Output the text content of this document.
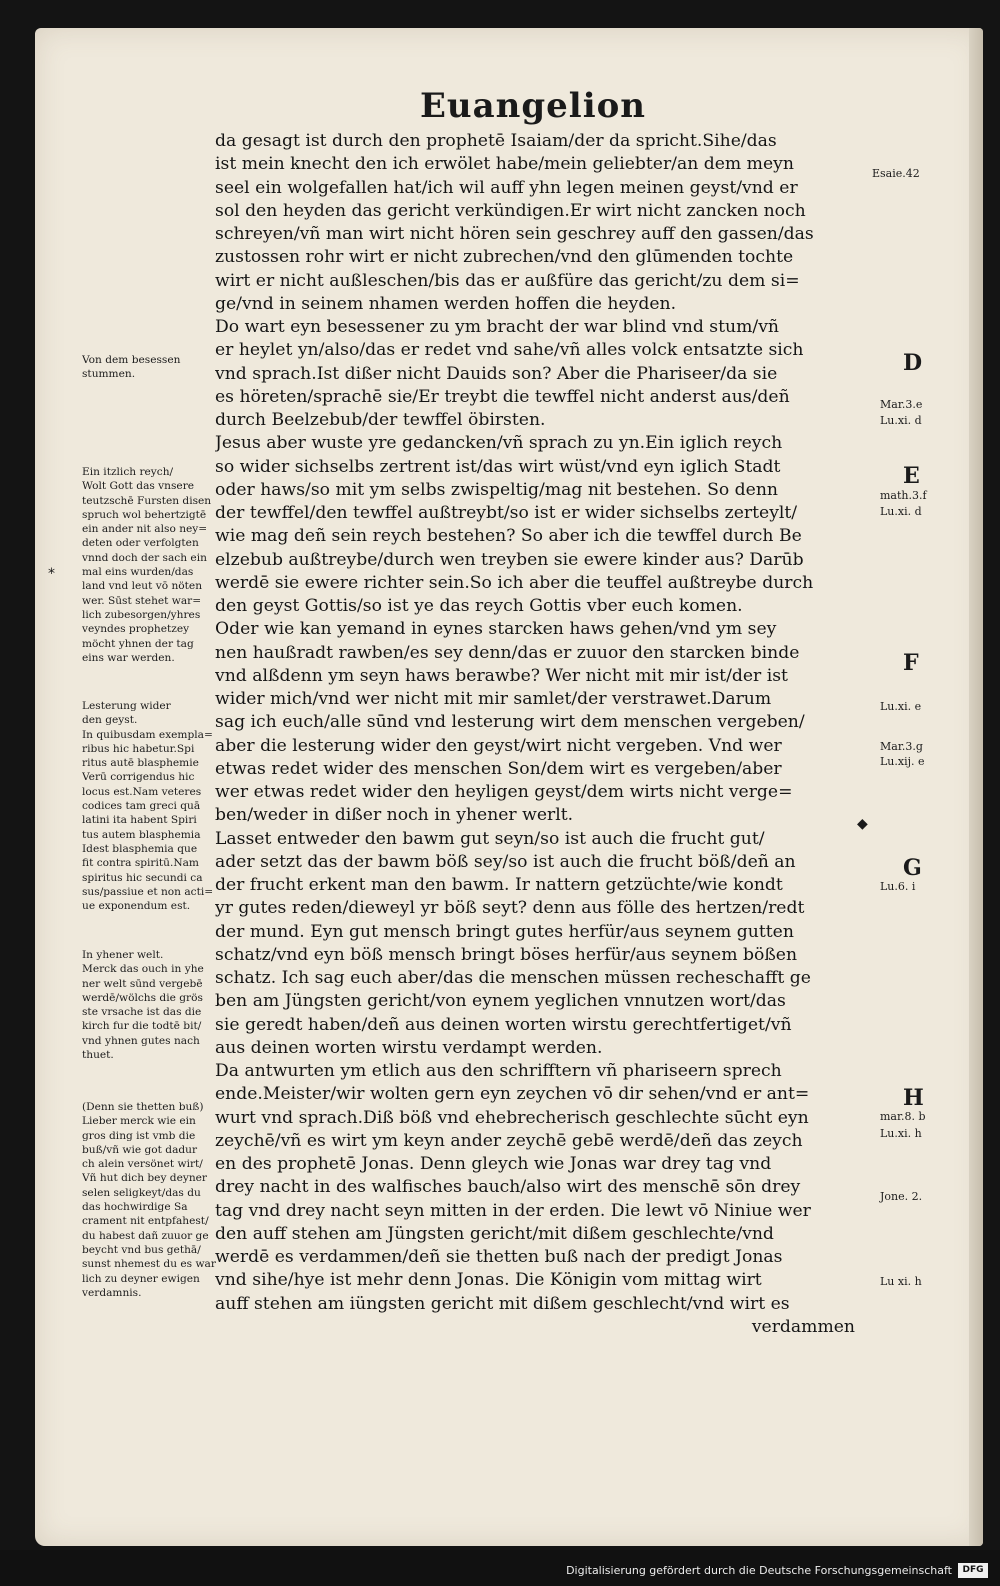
Euangelion
da gesagt ist durch den prophetē Isaiam/der da spricht.Sihe/das
ist mein knecht den ich erwölet habe/mein geliebter/an dem meyn
seel ein wolgefallen hat/ich wil auff yhn legen meinen geyst/vnd er
sol den heyden das gericht verkündigen.Er wirt nicht zancken noch
schreyen/vñ man wirt nicht hören sein geschrey auff den gassen/das
zustossen rohr wirt er nicht zubrechen/vnd den glūmenden tochte
wirt er nicht außleschen/bis das er außfüre das gericht/zu dem si=
ge/vnd in seinem nhamen werden hoffen die heyden.
Do wart eyn besessener zu ym bracht der war blind vnd stum/vñ
er heylet yn/also/das er redet vnd sahe/vñ alles volck entsatzte sich
vnd sprach.Ist dißer nicht Dauids son? Aber die Phariseer/da sie
es höreten/sprachē sie/Er treybt die tewffel nicht anderst aus/deñ
durch Beelzebub/der tewffel öbirsten.
Jesus aber wuste yre gedancken/vñ sprach zu yn.Ein iglich reych
so wider sichselbs zertrent ist/das wirt wüst/vnd eyn iglich Stadt
oder haws/so mit ym selbs zwispeltig/mag nit bestehen. So denn
der tewffel/den tewffel außtreybt/so ist er wider sichselbs zerteylt/
wie mag deñ sein reych bestehen? So aber ich die tewffel durch Be
elzebub außtreybe/durch wen treyben sie ewere kinder aus? Darūb
werdē sie ewere richter sein.So ich aber die teuffel außtreybe durch
den geyst Gottis/so ist ye das reych Gottis vber euch komen.
Oder wie kan yemand in eynes starcken haws gehen/vnd ym sey
nen haußradt rawben/es sey denn/das er zuuor den starcken binde
vnd alßdenn ym seyn haws berawbe? Wer nicht mit mir ist/der ist
wider mich/vnd wer nicht mit mir samlet/der verstrawet.Darum
sag ich euch/alle sūnd vnd lesterung wirt dem menschen vergeben/
aber die lesterung wider den geyst/wirt nicht vergeben. Vnd wer
etwas redet wider des menschen Son/dem wirt es vergeben/aber
wer etwas redet wider den heyligen geyst/dem wirts nicht verge=
ben/weder in dißer noch in yhener werlt.
Lasset entweder den bawm gut seyn/so ist auch die frucht gut/
ader setzt das der bawm böß sey/so ist auch die frucht böß/deñ an
der frucht erkent man den bawm. Ir nattern getzüchte/wie kondt
yr gutes reden/dieweyl yr böß seyt? denn aus fölle des hertzen/redt
der mund. Eyn gut mensch bringt gutes herfür/aus seynem gutten
schatz/vnd eyn böß mensch bringt böses herfür/aus seynem bößen
schatz. Ich sag euch aber/das die menschen müssen recheschafft ge
ben am Jüngsten gericht/von eynem yeglichen vnnutzen wort/das
sie geredt haben/deñ aus deinen worten wirstu gerechtfertiget/vñ
aus deinen worten wirstu verdampt werden.
Da antwurten ym etlich aus den schrifftern vñ phariseern sprech
ende.Meister/wir wolten gern eyn zeychen vō dir sehen/vnd er ant=
wurt vnd sprach.Diß böß vnd ehebrecherisch geschlechte sūcht eyn
zeychē/vñ es wirt ym keyn ander zeychē gebē werdē/deñ das zeych
en des prophetē Jonas. Denn gleych wie Jonas war drey tag vnd
drey nacht in des walfisches bauch/also wirt des menschē sōn drey
tag vnd drey nacht seyn mitten in der erden. Die lewt vō Niniue wer
den auff stehen am Jüngsten gericht/mit dißem geschlechte/vnd
werdē es verdammen/deñ sie thetten buß nach der predigt Jonas
vnd sihe/hye ist mehr denn Jonas. Die Königin vom mittag wirt
auff stehen am iüngsten gericht mit dißem geschlecht/vnd wirt es
verdammen
Von dem besessen
stummen.
Ein itzlich reych/
Wolt Gott das vnsere
teutzschē Fursten disen
spruch wol behertzigtē
ein ander nit also ney=
deten oder verfolgten
vnnd doch der sach ein
mal eins wurden/das
land vnd leut vō nöten
wer. Sūst stehet war=
lich zubesorgen/yhres
veyndes prophetzey
möcht yhnen der tag
eins war werden.
Lesterung wider
den geyst.
In quibusdam exempla=
ribus hic habetur.Spi
ritus autē blasphemie
Verū corrigendus hic
locus est.Nam veteres
codices tam greci quā
latini ita habent Spiri
tus autem blasphemia
Idest blasphemia que
fit contra spiritū.Nam
spiritus hic secundi ca
sus/passiue et non acti=
ue exponendum est.
In yhener welt.
Merck das ouch in yhe
ner welt sūnd vergebē
werdē/wölchs die grös
ste vrsache ist das die
kirch fur die todtē bit/
vnd yhnen gutes nach
thuet.
(Denn sie thetten buß)
Lieber merck wie ein
gros ding ist vmb die
buß/vñ wie got dadur
ch alein versönet wirt/
Vñ hut dich bey deyner
selen seligkeyt/das du
das hochwirdige Sa
crament nit entpfahest/
du habest dañ zuuor ge
beycht vnd bus gethā/
sunst nhemest du es war
lich zu deyner ewigen
verdamnis.
Esaie.42
Mar.3.e
Lu.xi. d
math.3.f
Lu.xi. d
Lu.xi. e
Mar.3.g
Lu.xij. e
Lu.6. i
mar.8. b
Lu.xi. h
Jone. 2.
Lu xi. h
D
E
F
G
H
*
◆
Digitalisierung gefördert durch die Deutsche Forschungsgemeinschaft	DFG
